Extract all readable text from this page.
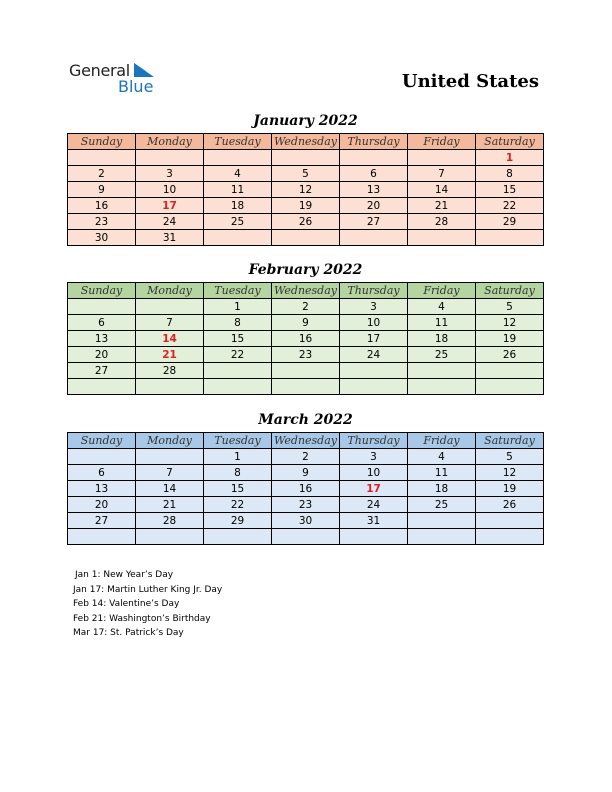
General
Blue	United States
January 2022
Sunday	Monday	Tuesday	Wednesday	Thursday	Friday	Saturday
						1
2	3	4	5	6	7	8
9	10	11	12	13	14	15
16	17	18	19	20	21	22
23	24	25	26	27	28	29
30	31					
February 2022
Sunday	Monday	Tuesday	Wednesday	Thursday	Friday	Saturday
		1	2	3	4	5
6	7	8	9	10	11	12
13	14	15	16	17	18	19
20	21	22	23	24	25	26
27	28					

March 2022
Sunday	Monday	Tuesday	Wednesday	Thursday	Friday	Saturday
		1	2	3	4	5
6	7	8	9	10	11	12
13	14	15	16	17	18	19
20	21	22	23	24	25	26
27	28	29	30	31		

Jan 1: New Year’s Day
Jan 17: Martin Luther King Jr. Day
Feb 14: Valentine’s Day
Feb 21: Washington’s Birthday
Mar 17: St. Patrick’s Day
